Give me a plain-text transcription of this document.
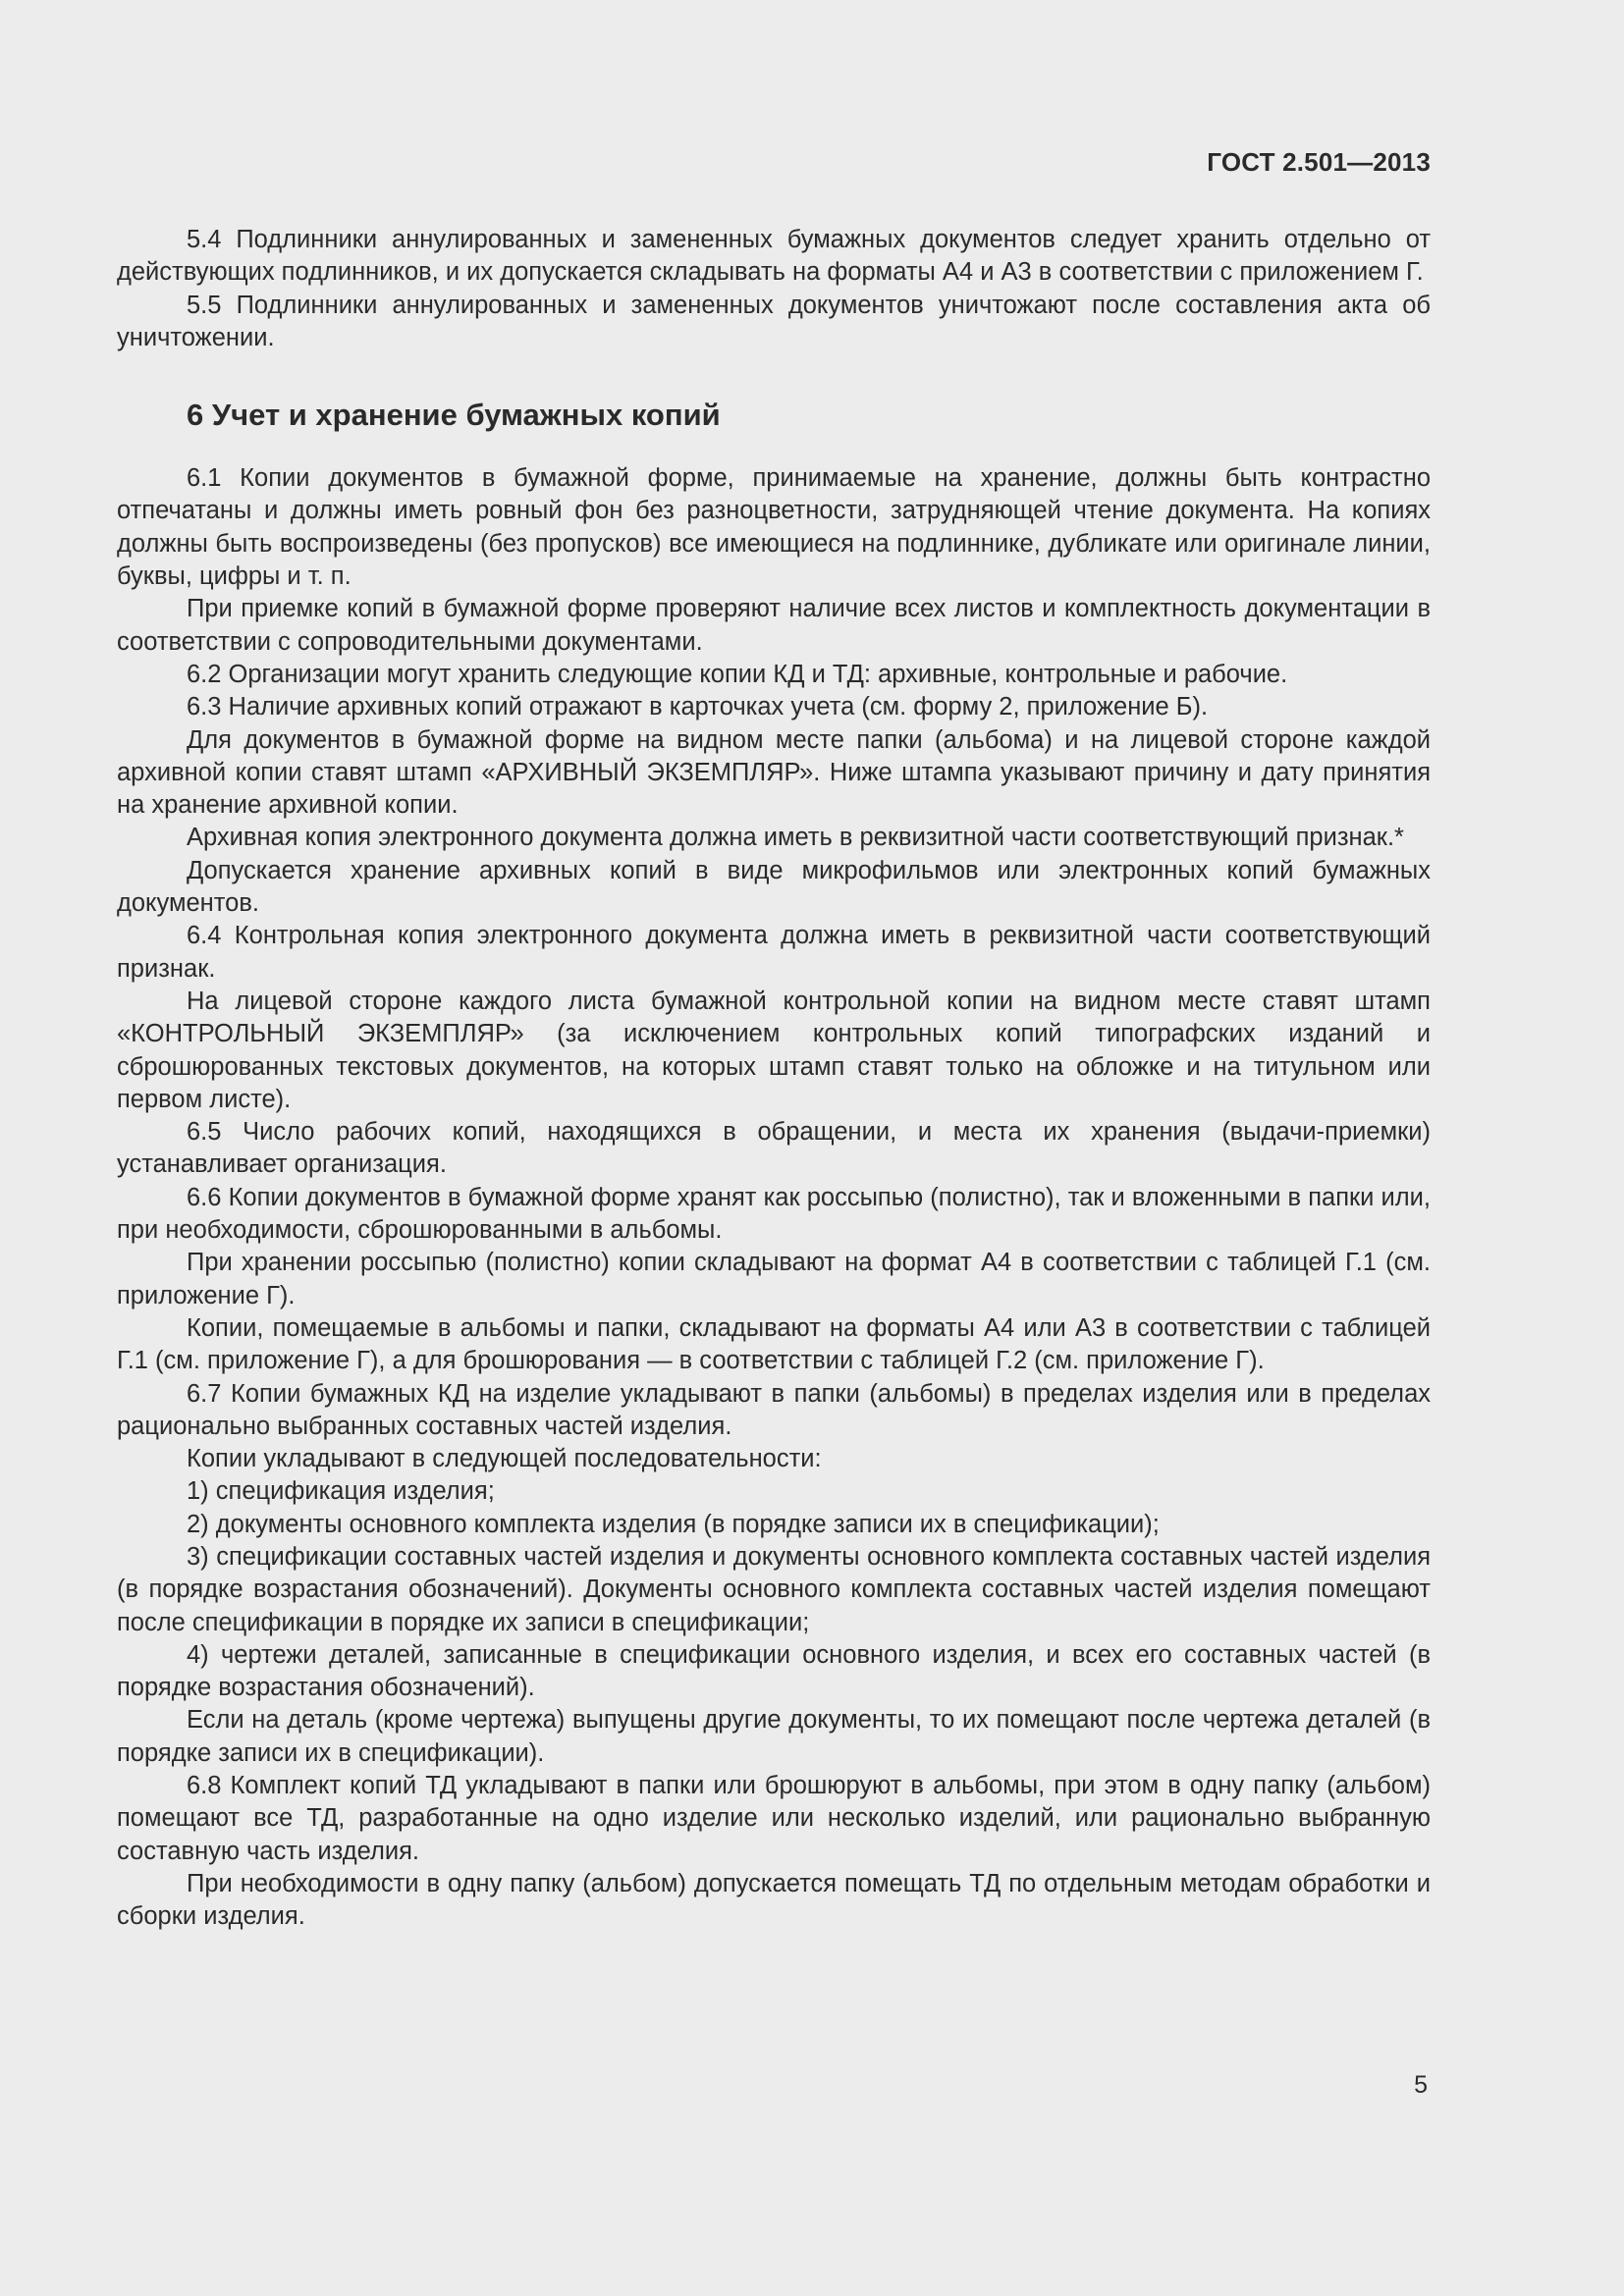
ГОСТ 2.501—2013

5.4 Подлинники аннулированных и замененных бумажных документов следует хранить отдельно от действующих подлинников, и их допускается складывать на форматы А4 и А3 в соответствии с приложением Г.

5.5 Подлинники аннулированных и замененных документов уничтожают после составления акта об уничтожении.

6 Учет и хранение бумажных копий

6.1 Копии документов в бумажной форме, принимаемые на хранение, должны быть контрастно отпечатаны и должны иметь ровный фон без разноцветности, затрудняющей чтение документа. На копиях должны быть воспроизведены (без пропусков) все имеющиеся на подлиннике, дубликате или оригинале линии, буквы, цифры и т. п.

При приемке копий в бумажной форме проверяют наличие всех листов и комплектность документации в соответствии с сопроводительными документами.

6.2 Организации могут хранить следующие копии КД и ТД: архивные, контрольные и рабочие.

6.3 Наличие архивных копий отражают в карточках учета (см. форму 2, приложение Б).

Для документов в бумажной форме на видном месте папки (альбома) и на лицевой стороне каждой архивной копии ставят штамп «АРХИВНЫЙ ЭКЗЕМПЛЯР». Ниже штампа указывают причину и дату принятия на хранение архивной копии.

Архивная копия электронного документа должна иметь в реквизитной части соответствующий признак.*

Допускается хранение архивных копий в виде микрофильмов или электронных копий бумажных документов.

6.4 Контрольная копия электронного документа должна иметь в реквизитной части соответствующий признак.

На лицевой стороне каждого листа бумажной контрольной копии на видном месте ставят штамп «КОНТРОЛЬНЫЙ ЭКЗЕМПЛЯР» (за исключением контрольных копий типографских изданий и сброшюрованных текстовых документов, на которых штамп ставят только на обложке и на титульном или первом листе).

6.5 Число рабочих копий, находящихся в обращении, и места их хранения (выдачи-приемки) устанавливает организация.

6.6 Копии документов в бумажной форме хранят как россыпью (полистно), так и вложенными в папки или, при необходимости, сброшюрованными в альбомы.

При хранении россыпью (полистно) копии складывают на формат А4 в соответствии с таблицей Г.1 (см. приложение Г).

Копии, помещаемые в альбомы и папки, складывают на форматы А4 или А3 в соответствии с таблицей Г.1 (см. приложение Г), а для брошюрования — в соответствии с таблицей Г.2 (см. приложение Г).

6.7 Копии бумажных КД на изделие укладывают в папки (альбомы) в пределах изделия или в пределах рационально выбранных составных частей изделия.

Копии укладывают в следующей последовательности:

1) спецификация изделия;

2) документы основного комплекта изделия (в порядке записи их в спецификации);

3) спецификации составных частей изделия и документы основного комплекта составных частей изделия (в порядке возрастания обозначений). Документы основного комплекта составных частей изделия помещают после спецификации в порядке их записи в спецификации;

4) чертежи деталей, записанные в спецификации основного изделия, и всех его составных частей (в порядке возрастания обозначений).

Если на деталь (кроме чертежа) выпущены другие документы, то их помещают после чертежа деталей (в порядке записи их в спецификации).

6.8 Комплект копий ТД укладывают в папки или брошюруют в альбомы, при этом в одну папку (альбом) помещают все ТД, разработанные на одно изделие или несколько изделий, или рационально выбранную составную часть изделия.

При необходимости в одну папку (альбом) допускается помещать ТД по отдельным методам обработки и сборки изделия.

5
